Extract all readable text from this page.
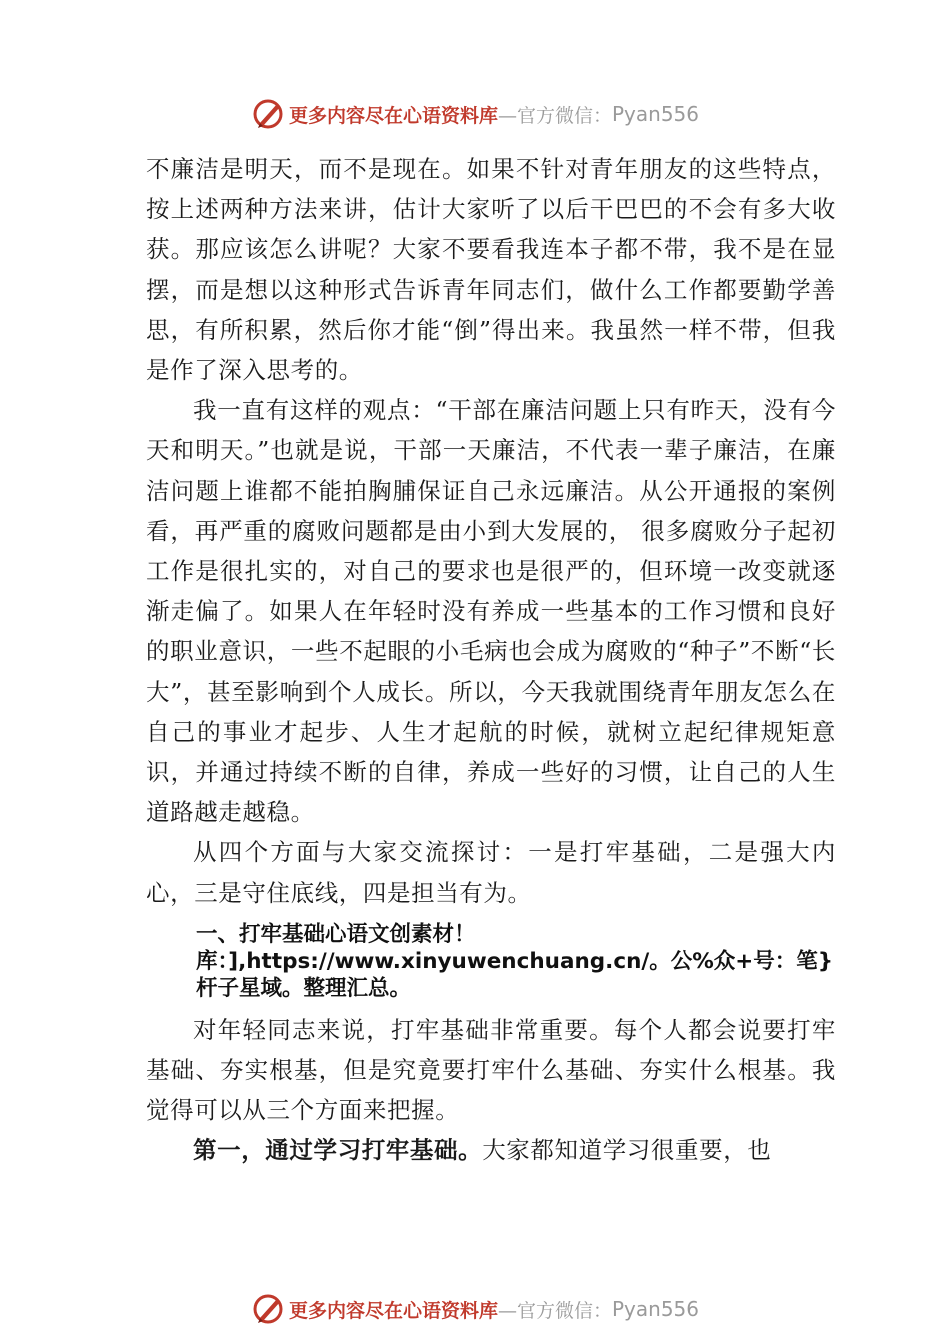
更多内容尽在心语资料库 —官方微信： Pyan556

不廉洁是明天，而不是现在。如果不针对青年朋友的这些特点，按上述两种方法来讲，估计大家听了以后干巴巴的不会有多大收获。那应该怎么讲呢？大家不要看我连本子都不带，我不是在显摆，而是想以这种形式告诉青年同志们，做什么工作都要勤学善思，有所积累，然后你才能“倒”得出来。我虽然一样不带，但我是作了深入思考的。

我一直有这样的观点：“干部在廉洁问题上只有昨天，没有今天和明天。”也就是说，干部一天廉洁，不代表一辈子廉洁，在廉洁问题上谁都不能拍胸脯保证自己永远廉洁。从公开通报的案例看，再严重的腐败问题都是由小到大发展的， 很多腐败分子起初工作是很扎实的，对自己的要求也是很严的，但环境一改变就逐渐走偏了。如果人在年轻时没有养成一些基本的工作习惯和良好的职业意识，一些不起眼的小毛病也会成为腐败的“种子”不断“长大”，甚至影响到个人成长。所以，今天我就围绕青年朋友怎么在自己的事业才起步、人生才起航的时候，就树立起纪律规矩意识，并通过持续不断的自律，养成一些好的习惯，让自己的人生道路越走越稳。

从四个方面与大家交流探讨：一是打牢基础，二是强大内心，三是守住底线，四是担当有为。

一、打牢基础心语文创素材！库：],https://www.xinyuwenchuang.cn/。公%众+号：笔}杆子星域。整理汇总。

对年轻同志来说，打牢基础非常重要。每个人都会说要打牢基础、夯实根基，但是究竟要打牢什么基础、夯实什么根基。我觉得可以从三个方面来把握。

第一，通过学习打牢基础。大家都知道学习很重要，也

更多内容尽在心语资料库 —官方微信： Pyan556
